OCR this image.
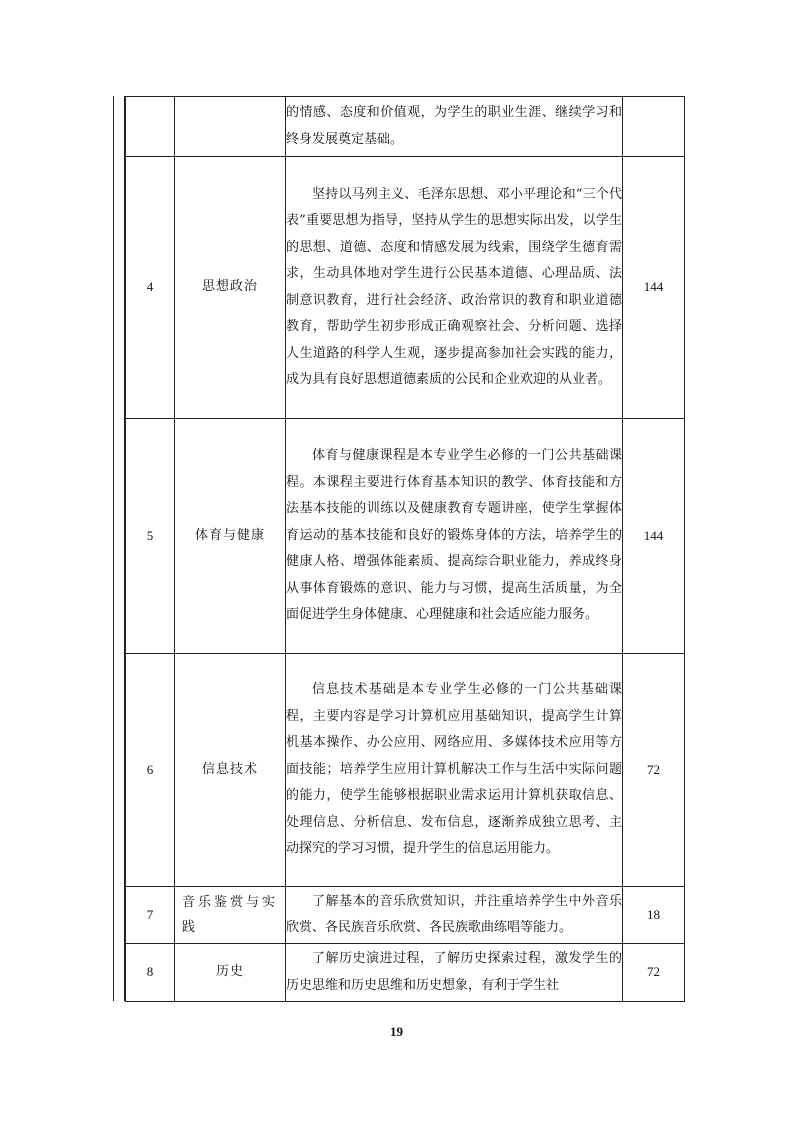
		的情感、态度和价值观，为学生的职业生涯、继续学习和终身发展奠定基础。	
4	思想政治	坚持以马列主义、毛泽东思想、邓小平理论和“三个代表”重要思想为指导，坚持从学生的思想实际出发，以学生的思想、道德、态度和情感发展为线索，围绕学生德育需求，生动具体地对学生进行公民基本道德、心理品质、法制意识教育，进行社会经济、政治常识的教育和职业道德教育，帮助学生初步形成正确观察社会、分析问题、选择人生道路的科学人生观，逐步提高参加社会实践的能力，成为具有良好思想道德素质的公民和企业欢迎的从业者。	144
5	体育与健康	体育与健康课程是本专业学生必修的一门公共基础课程。本课程主要进行体育基本知识的教学、体育技能和方法基本技能的训练以及健康教育专题讲座，使学生掌握体育运动的基本技能和良好的锻炼身体的方法，培养学生的健康人格、增强体能素质、提高综合职业能力，养成终身从事体育锻炼的意识、能力与习惯，提高生活质量，为全面促进学生身体健康、心理健康和社会适应能力服务。	144
6	信息技术	信息技术基础是本专业学生必修的一门公共基础课程，主要内容是学习计算机应用基础知识，提高学生计算机基本操作、办公应用、网络应用、多媒体技术应用等方面技能；培养学生应用计算机解决工作与生活中实际问题的能力，使学生能够根据职业需求运用计算机获取信息、处理信息、分析信息、发布信息，逐渐养成独立思考、主动探究的学习习惯，提升学生的信息运用能力。	72
7	音乐鉴赏与实践	了解基本的音乐欣赏知识，并注重培养学生中外音乐欣赏、各民族音乐欣赏、各民族歌曲练唱等能力。	18
8	历史	了解历史演进过程，了解历史探索过程，激发学生的历史思维和历史思维和历史想象，有利于学生社	72
19
